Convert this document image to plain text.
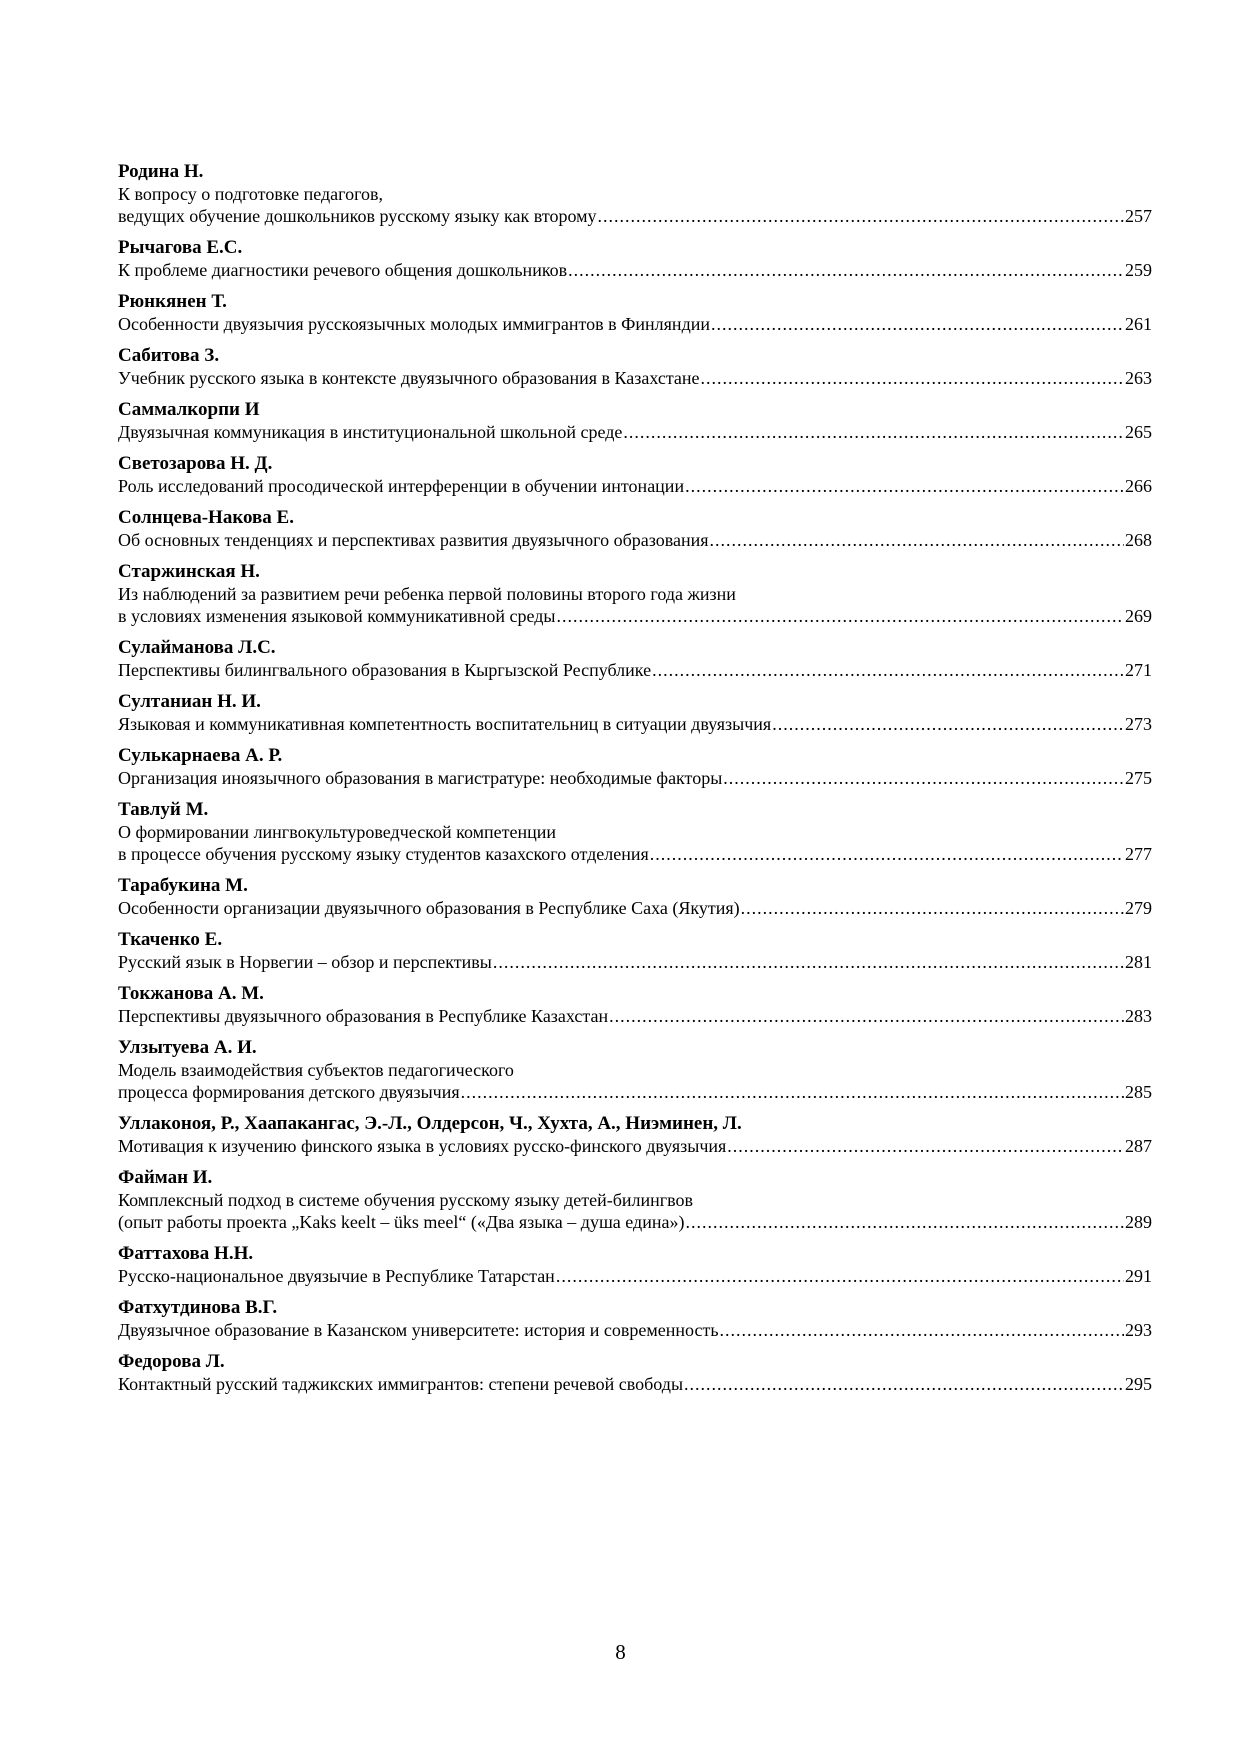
Родина Н.
К вопросу о подготовке педагогов,
ведущих обучение дошкольников русскому языку как второму .....	257
Рычагова Е.С.
К проблеме диагностики речевого общения дошкольников .....	259
Рюнкянен Т.
Особенности двуязычия русскоязычных молодых иммигрантов в Финляндии .....	261
Сабитова З.
Учебник русского языка в контексте двуязычного образования в Казахстане .....	263
Саммалкорпи И
Двуязычная коммуникация в институциональной школьной среде .....	265
Светозарова Н. Д.
Роль исследований просодической интерференции в обучении интонации .....	266
Солнцева-Накова Е.
Об основных тенденциях и перспективах развития двуязычного образования .....	268
Старжинская Н.
Из наблюдений за развитием речи ребенка первой половины второго года жизни
в условиях изменения языковой коммуникативной среды .....	269
Сулайманова Л.С.
Перспективы билингвального образования в Кыргызской Республике .....	271
Султаниан Н. И.
Языковая и коммуникативная компетентность воспитательниц в ситуации двуязычия .....	273
Сулькарнаева А. Р.
Организация иноязычного образования в магистратуре: необходимые факторы .....	275
Тавлуй М.
О формировании лингвокультуроведческой компетенции
в процессе обучения русскому языку студентов казахского отделения .....	277
Тарабукина М.
Особенности организации двуязычного образования в Республике Саха (Якутия) .....	279
Ткаченко Е.
Русский язык в Норвегии – обзор и перспективы .....	281
Токжанова А. М.
Перспективы двуязычного образования в Республике Казахстан .....	283
Улзытуева А. И.
Модель взаимодействия субъектов педагогического
процесса формирования детского двуязычия .....	285
Уллаконоя, Р., Хаапакангас, Э.-Л., Олдерсон, Ч., Хухта, А., Ниэминен, Л.
Мотивация к изучению финского языка в условиях русско-финского двуязычия .....	287
Файман И.
Комплексный подход в системе обучения русскому языку детей-билингвов
(опыт работы проекта „Kaks keelt – üks meel“ («Два языка – душа едина») .....	289
Фаттахова Н.Н.
Русско-национальное двуязычие в Республике Татарстан .....	291
Фатхутдинова В.Г.
Двуязычное образование в Казанском университете: история и современность .....	293
Федорова Л.
Контактный русский таджикских иммигрантов: степени речевой свободы .....	295
8
